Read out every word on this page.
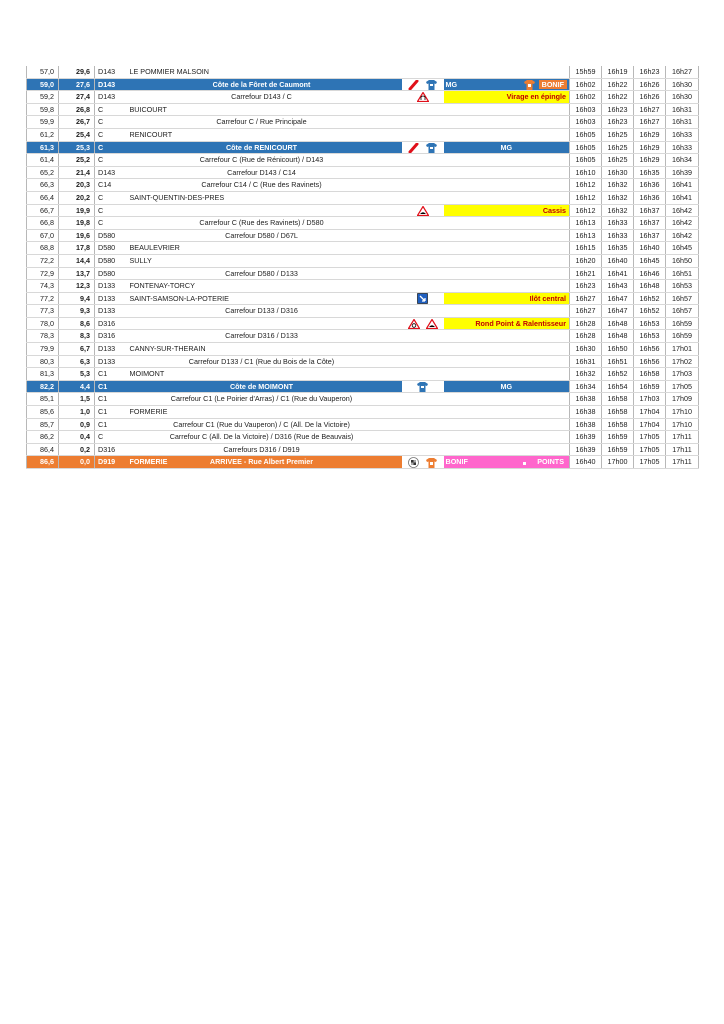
57,0	29,6	D143	LE POMMIER MALSOIN			15h59	16h19	16h23	16h27
59,0	27,6	D143	Côte de la Fôret de Caumont		MG BONIF	16h02	16h22	16h26	16h30
59,2	27,4	D143	Carrefour D143 / C		Virage en épingle	16h02	16h22	16h26	16h30
59,8	26,8	C	BUICOURT			16h03	16h23	16h27	16h31
59,9	26,7	C	Carrefour C / Rue Principale			16h03	16h23	16h27	16h31
61,2	25,4	C	RENICOURT			16h05	16h25	16h29	16h33
61,3	25,3	C	Côte de RENICOURT		MG	16h05	16h25	16h29	16h33
61,4	25,2	C	Carrefour C (Rue de Rénicourt) / D143			16h05	16h25	16h29	16h34
65,2	21,4	D143	Carrefour D143 / C14			16h10	16h30	16h35	16h39
66,3	20,3	C14	Carrefour C14 / C (Rue des Ravinets)			16h12	16h32	16h36	16h41
66,4	20,2	C	SAINT-QUENTIN-DES-PRES			16h12	16h32	16h36	16h41
66,7	19,9	C			Cassis	16h12	16h32	16h37	16h42
66,8	19,8	C	Carrefour C (Rue des Ravinets) / D580			16h13	16h33	16h37	16h42
67,0	19,6	D580	Carrefour D580 / D67L			16h13	16h33	16h37	16h42
68,8	17,8	D580	BEAULEVRIER			16h15	16h35	16h40	16h45
72,2	14,4	D580	SULLY			16h20	16h40	16h45	16h50
72,9	13,7	D580	Carrefour D580 / D133			16h21	16h41	16h46	16h51
74,3	12,3	D133	FONTENAY-TORCY			16h23	16h43	16h48	16h53
77,2	9,4	D133	SAINT-SAMSON-LA-POTERIE		Ilôt central	16h27	16h47	16h52	16h57
77,3	9,3	D133	Carrefour D133 / D316			16h27	16h47	16h52	16h57
78,0	8,6	D316			Rond Point & Ralentisseur	16h28	16h48	16h53	16h59
78,3	8,3	D316	Carrefour D316 / D133			16h28	16h48	16h53	16h59
79,9	6,7	D133	CANNY-SUR-THERAIN			16h30	16h50	16h56	17h01
80,3	6,3	D133	Carrefour D133 / C1 (Rue du Bois de la Côte)			16h31	16h51	16h56	17h02
81,3	5,3	C1	MOIMONT			16h32	16h52	16h58	17h03
82,2	4,4	C1	Côte de MOIMONT		MG	16h34	16h54	16h59	17h05
85,1	1,5	C1	Carrefour C1 (Le Poirier d'Arras) / C1 (Rue du Vauperon)			16h38	16h58	17h03	17h09
85,6	1,0	C1	FORMERIE			16h38	16h58	17h04	17h10
85,7	0,9	C1	Carrefour C1 (Rue du Vauperon) / C (All. De la Victoire)			16h38	16h58	17h04	17h10
86,2	0,4	C	Carrefour C (All. De la Victoire) / D316 (Rue de Beauvais)			16h39	16h59	17h05	17h11
86,4	0,2	D316	Carrefours D316 / D919			16h39	16h59	17h05	17h11
86,6	0,0	D919	FORMERIE ARRIVEE - Rue Albert Premier		BONIF POINTS	16h40	17h00	17h05	17h11
